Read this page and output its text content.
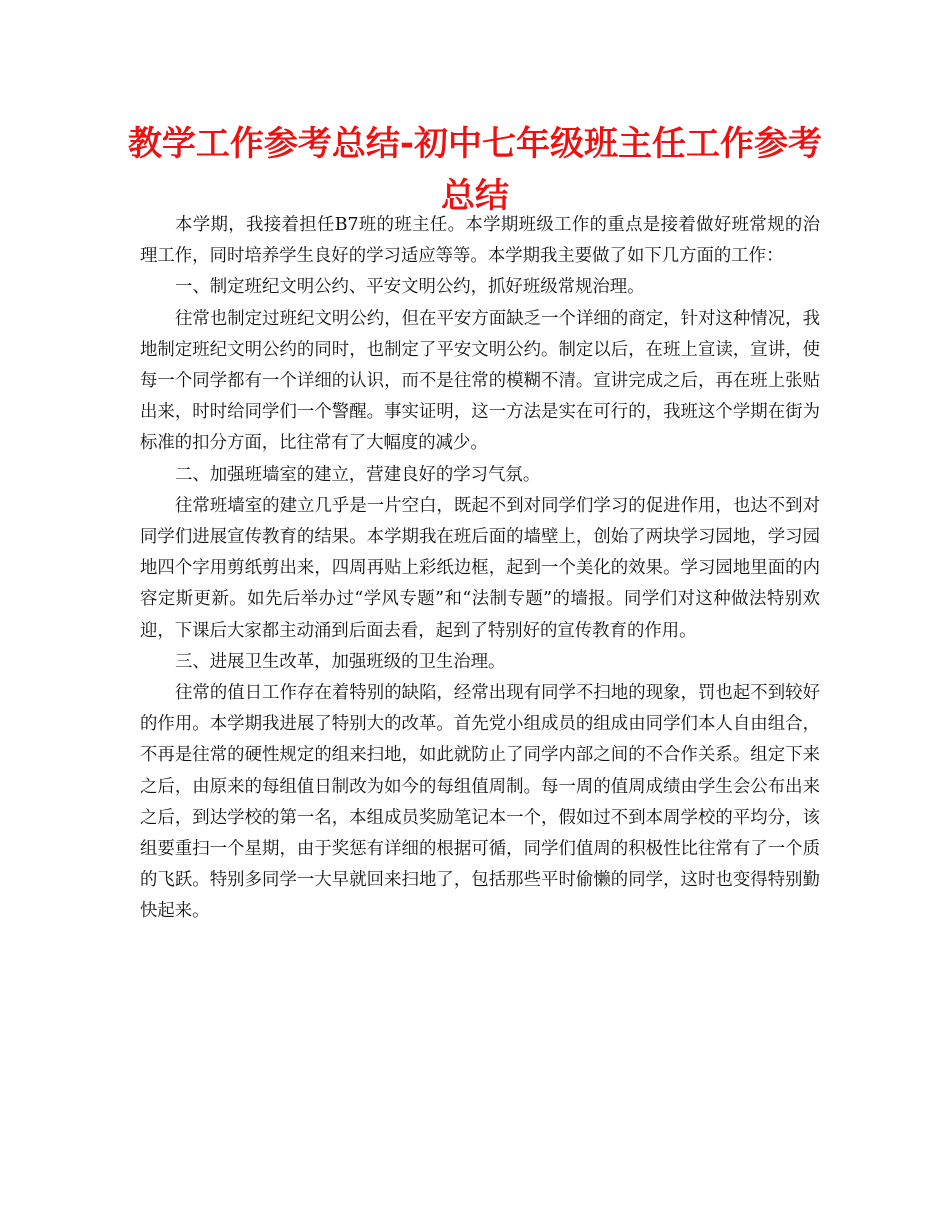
教学工作参考总结-初中七年级班主任工作参考总结

本学期，我接着担任B7班的班主任。本学期班级工作的重点是接着做好班常规的治理工作，同时培养学生良好的学习适应等等。本学期我主要做了如下几方面的工作：

一、制定班纪文明公约、平安文明公约，抓好班级常规治理。

往常也制定过班纪文明公约，但在平安方面缺乏一个详细的商定，针对这种情况，我地制定班纪文明公约的同时，也制定了平安文明公约。制定以后，在班上宣读，宣讲，使每一个同学都有一个详细的认识，而不是往常的模糊不清。宣讲完成之后，再在班上张贴出来，时时给同学们一个警醒。事实证明，这一方法是实在可行的，我班这个学期在街为标准的扣分方面，比往常有了大幅度的减少。

二、加强班墙室的建立，营建良好的学习气氛。

往常班墙室的建立几乎是一片空白，既起不到对同学们学习的促进作用，也达不到对同学们进展宣传教育的结果。本学期我在班后面的墙壁上，创始了两块学习园地，学习园地四个字用剪纸剪出来，四周再贴上彩纸边框，起到一个美化的效果。学习园地里面的内容定斯更新。如先后举办过“学风专题”和“法制专题”的墙报。同学们对这种做法特别欢迎，下课后大家都主动涌到后面去看，起到了特别好的宣传教育的作用。

三、进展卫生改革，加强班级的卫生治理。

往常的值日工作存在着特别的缺陷，经常出现有同学不扫地的现象，罚也起不到较好的作用。本学期我进展了特别大的改革。首先党小组成员的组成由同学们本人自由组合，不再是往常的硬性规定的组来扫地，如此就防止了同学内部之间的不合作关系。组定下来之后，由原来的每组值日制改为如今的每组值周制。每一周的值周成绩由学生会公布出来之后，到达学校的第一名，本组成员奖励笔记本一个，假如过不到本周学校的平均分，该组要重扫一个星期，由于奖惩有详细的根据可循，同学们值周的积极性比往常有了一个质的飞跃。特别多同学一大早就回来扫地了，包括那些平时偷懒的同学，这时也变得特别勤快起来。
